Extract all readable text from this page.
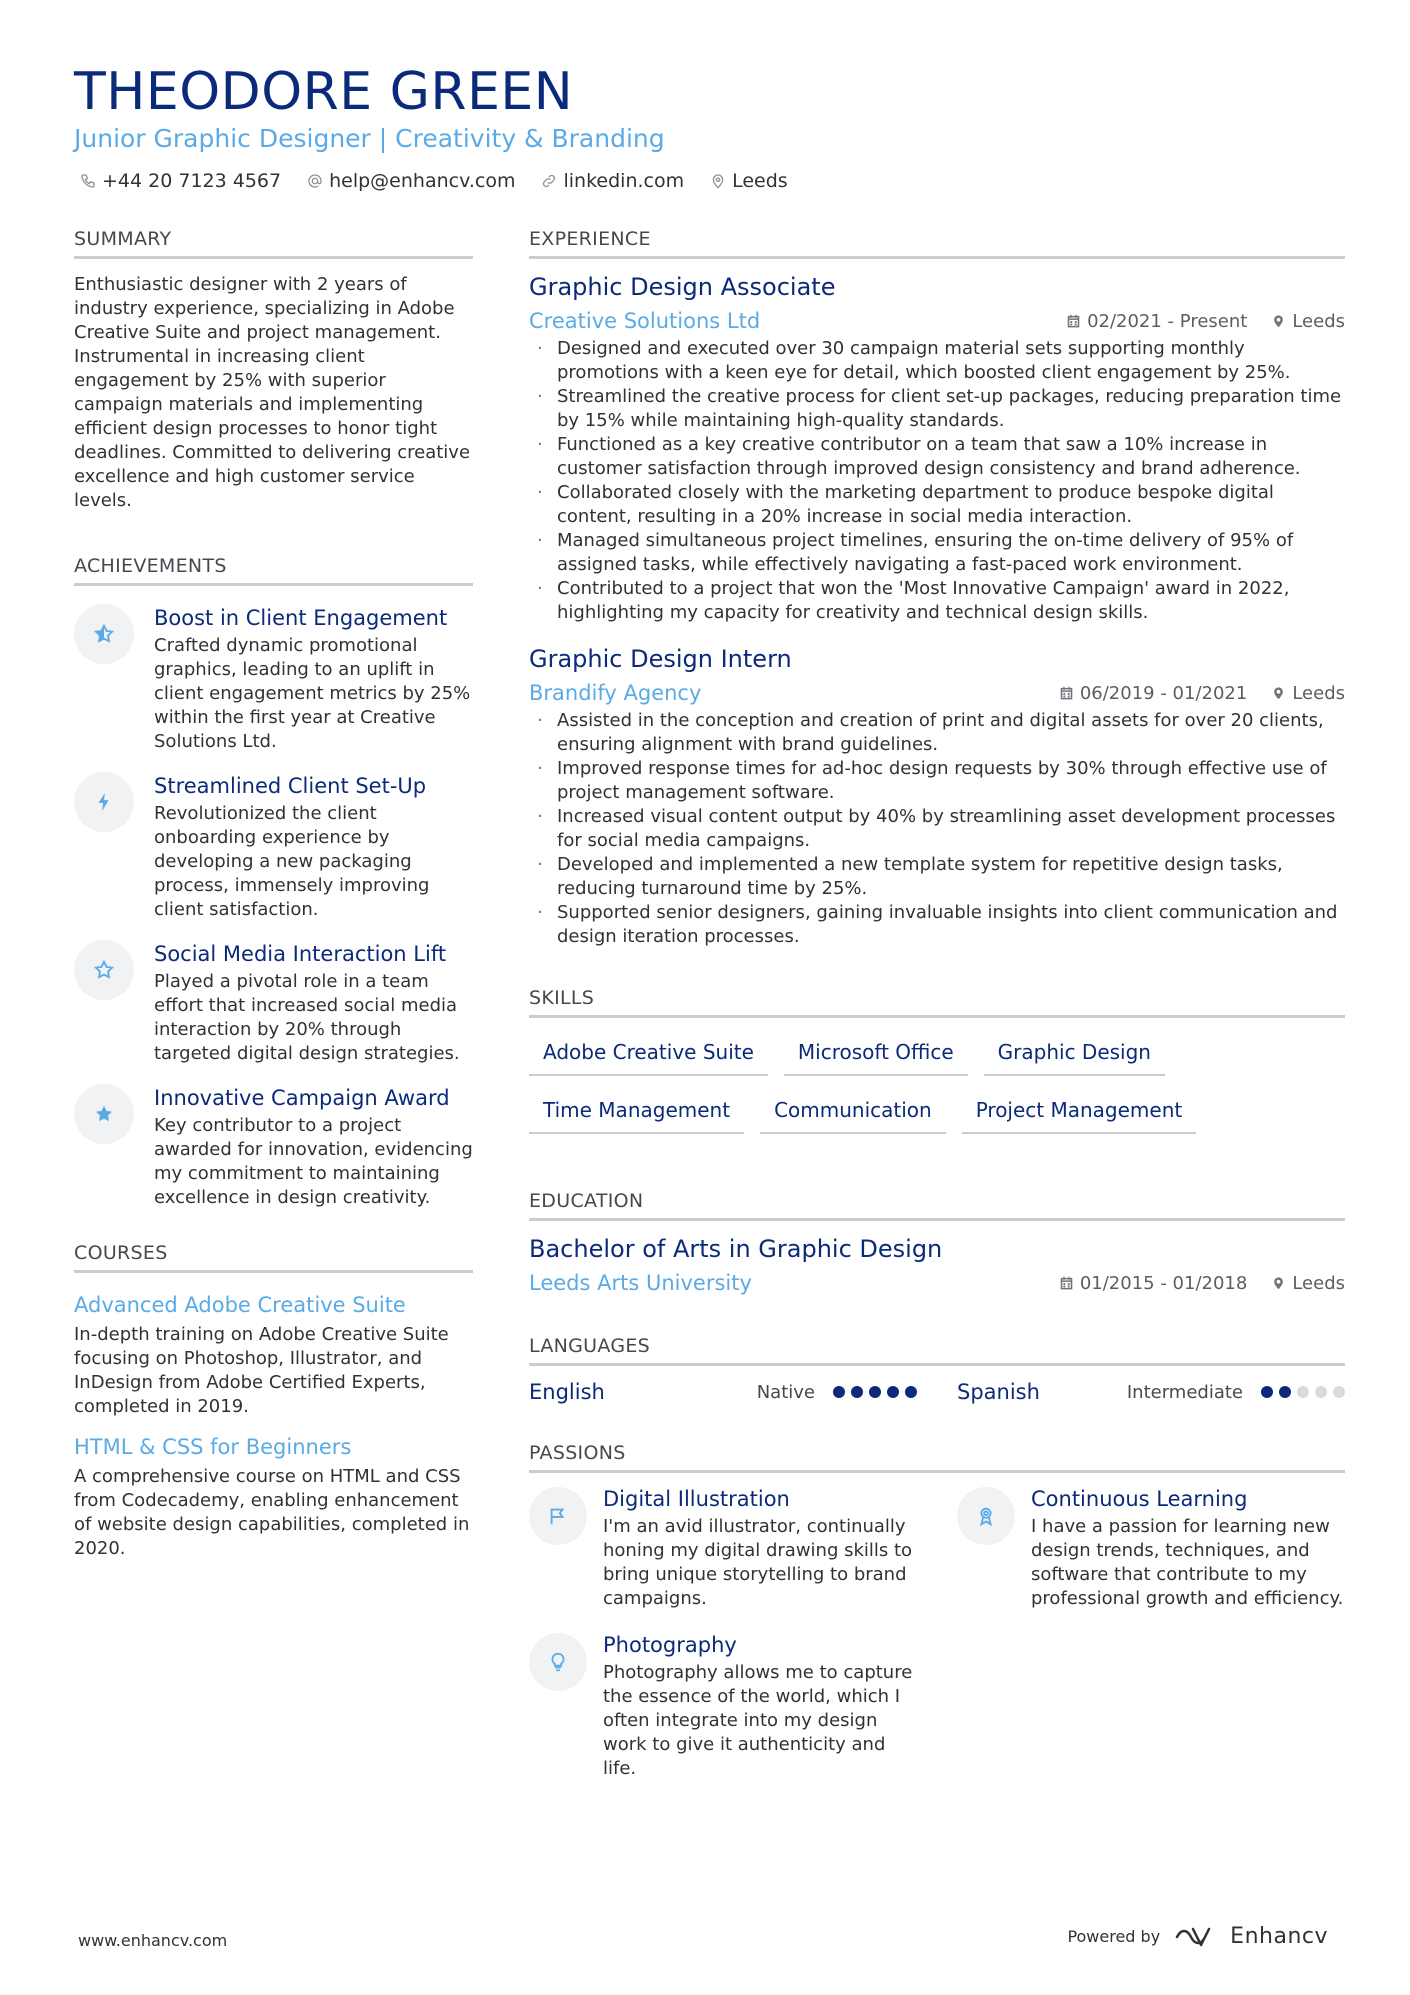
THEODORE GREEN
Junior Graphic Designer | Creativity & Branding
+44 20 7123 4567	help@enhancv.com	linkedin.com	Leeds
SUMMARY

Enthusiastic designer with 2 years of industry experience, specializing in Adobe Creative Suite and project management. Instrumental in increasing client engagement by 25% with superior campaign materials and implementing efficient design processes to honor tight deadlines. Committed to delivering creative excellence and high customer service levels.

ACHIEVEMENTS
Boost in Client Engagement
Crafted dynamic promotional graphics, leading to an uplift in client engagement metrics by 25% within the first year at Creative Solutions Ltd.
Streamlined Client Set-Up
Revolutionized the client onboarding experience by developing a new packaging process, immensely improving client satisfaction.
Social Media Interaction Lift
Played a pivotal role in a team effort that increased social media interaction by 20% through targeted digital design strategies.
Innovative Campaign Award
Key contributor to a project awarded for innovation, evidencing my commitment to maintaining excellence in design creativity.
COURSES
Advanced Adobe Creative Suite
In-depth training on Adobe Creative Suite focusing on Photoshop, Illustrator, and InDesign from Adobe Certified Experts, completed in 2019.
HTML & CSS for Beginners
A comprehensive course on HTML and CSS from Codecademy, enabling enhancement of website design capabilities, completed in 2020.
EXPERIENCE
Graphic Design Associate
Creative Solutions Ltd	02/2021 - Present	Leeds
· Designed and executed over 30 campaign material sets supporting monthly promotions with a keen eye for detail, which boosted client engagement by 25%.
· Streamlined the creative process for client set-up packages, reducing preparation time by 15% while maintaining high-quality standards.
· Functioned as a key creative contributor on a team that saw a 10% increase in customer satisfaction through improved design consistency and brand adherence.
· Collaborated closely with the marketing department to produce bespoke digital content, resulting in a 20% increase in social media interaction.
· Managed simultaneous project timelines, ensuring the on-time delivery of 95% of assigned tasks, while effectively navigating a fast-paced work environment.
· Contributed to a project that won the 'Most Innovative Campaign' award in 2022, highlighting my capacity for creativity and technical design skills.
Graphic Design Intern
Brandify Agency	06/2019 - 01/2021	Leeds
· Assisted in the conception and creation of print and digital assets for over 20 clients, ensuring alignment with brand guidelines.
· Improved response times for ad-hoc design requests by 30% through effective use of project management software.
· Increased visual content output by 40% by streamlining asset development processes for social media campaigns.
· Developed and implemented a new template system for repetitive design tasks, reducing turnaround time by 25%.
· Supported senior designers, gaining invaluable insights into client communication and design iteration processes.
SKILLS
Adobe Creative Suite	Microsoft Office	Graphic Design
Time Management	Communication	Project Management
EDUCATION
Bachelor of Arts in Graphic Design
Leeds Arts University	01/2015 - 01/2018	Leeds
LANGUAGES
English	Native	Spanish	Intermediate
PASSIONS
Digital Illustration
I'm an avid illustrator, continually honing my digital drawing skills to bring unique storytelling to brand campaigns.
Continuous Learning
I have a passion for learning new design trends, techniques, and software that contribute to my professional growth and efficiency.
Photography
Photography allows me to capture the essence of the world, which I often integrate into my design work to give it authenticity and life.
www.enhancv.com	Powered by	Enhancv
